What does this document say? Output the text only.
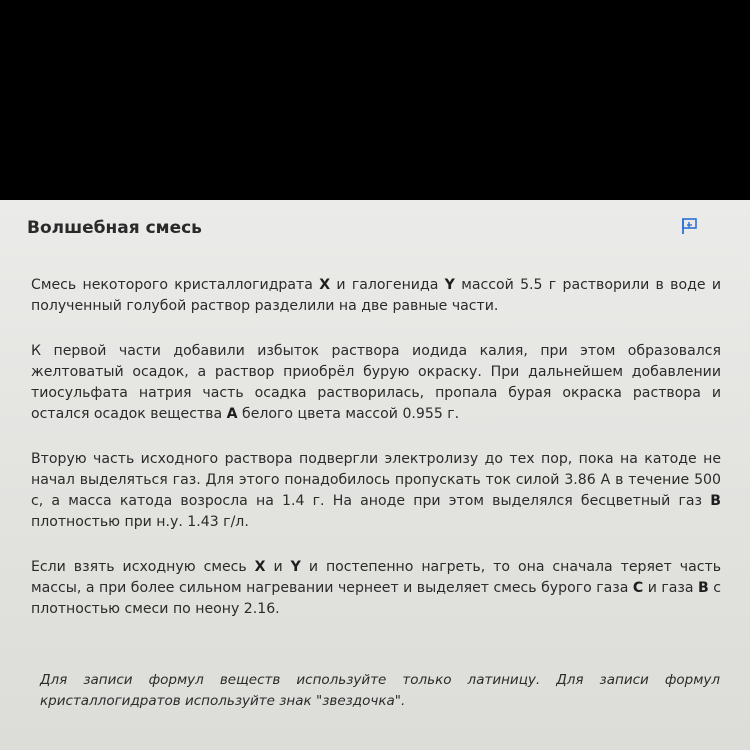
Волшебная смесь

Смесь некоторого кристаллогидрата X и галогенида Y массой 5.5 г растворили в воде и полученный голубой раствор разделили на две равные части.

К первой части добавили избыток раствора иодида калия, при этом образовался желтоватый осадок, а раствор приобрёл бурую окраску. При дальнейшем добавлении тиосульфата натрия часть осадка растворилась, пропала бурая окраска раствора и остался осадок вещества A белого цвета массой 0.955 г.

Вторую часть исходного раствора подвергли электролизу до тех пор, пока на катоде не начал выделяться газ. Для этого понадобилось пропускать ток силой 3.86 А в течение 500 с, а масса катода возросла на 1.4 г. На аноде при этом выделялся бесцветный газ B плотностью при н.у. 1.43 г/л.

Если взять исходную смесь X и Y и постепенно нагреть, то она сначала теряет часть массы, а при более сильном нагревании чернеет и выделяет смесь бурого газа C и газа B с плотностью смеси по неону 2.16.

Для записи формул веществ используйте только латиницу. Для записи формул кристаллогидратов используйте знак "звездочка".
